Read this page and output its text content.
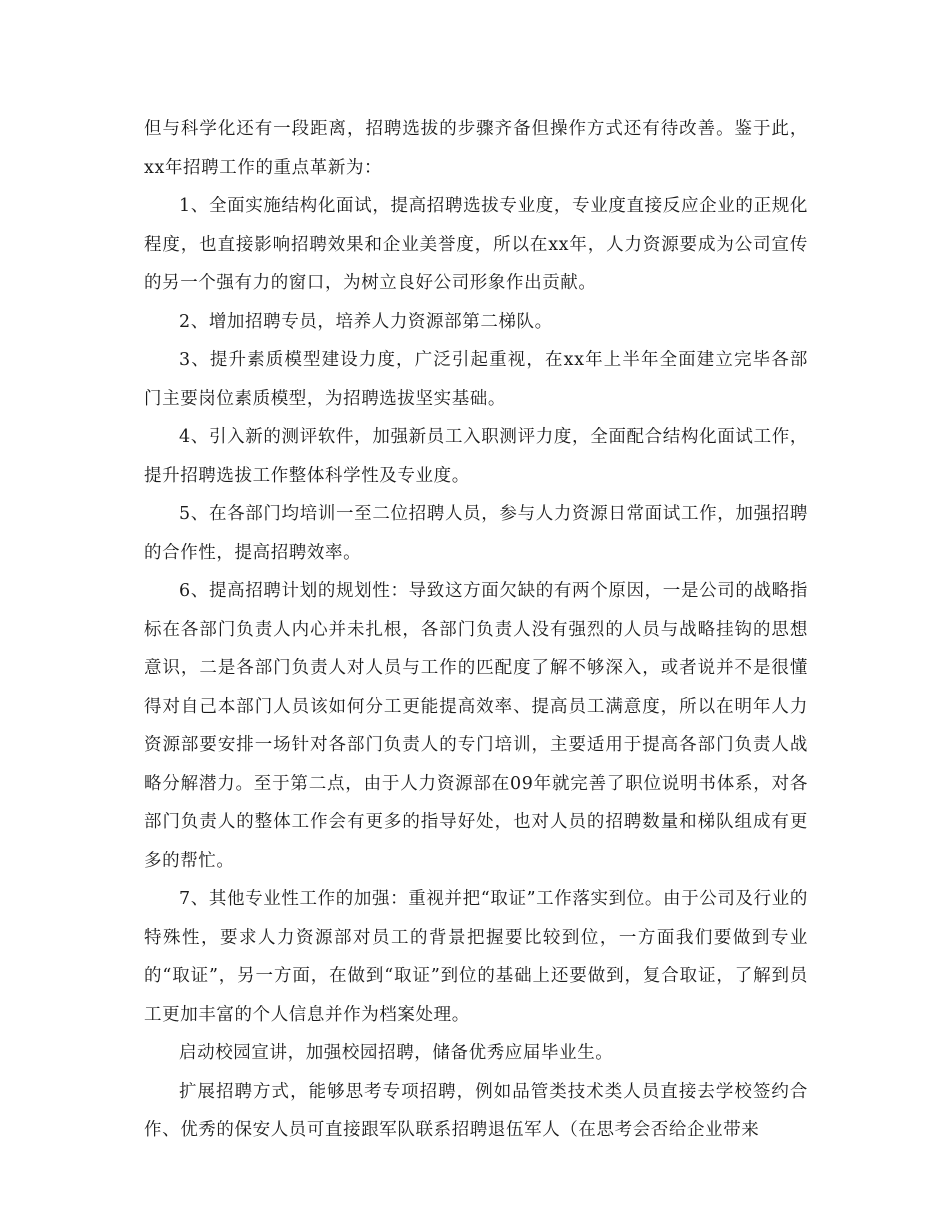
但与科学化还有一段距离，招聘选拔的步骤齐备但操作方式还有待改善。鉴于此，xx年招聘工作的重点革新为：

1、全面实施结构化面试，提高招聘选拔专业度，专业度直接反应企业的正规化程度，也直接影响招聘效果和企业美誉度，所以在xx年，人力资源要成为公司宣传的另一个强有力的窗口，为树立良好公司形象作出贡献。

2、增加招聘专员，培养人力资源部第二梯队。

3、提升素质模型建设力度，广泛引起重视，在xx年上半年全面建立完毕各部门主要岗位素质模型，为招聘选拔坚实基础。

4、引入新的测评软件，加强新员工入职测评力度，全面配合结构化面试工作，提升招聘选拔工作整体科学性及专业度。

5、在各部门均培训一至二位招聘人员，参与人力资源日常面试工作，加强招聘的合作性，提高招聘效率。

6、提高招聘计划的规划性：导致这方面欠缺的有两个原因，一是公司的战略指标在各部门负责人内心并未扎根，各部门负责人没有强烈的人员与战略挂钩的思想意识，二是各部门负责人对人员与工作的匹配度了解不够深入，或者说并不是很懂得对自己本部门人员该如何分工更能提高效率、提高员工满意度，所以在明年人力资源部要安排一场针对各部门负责人的专门培训，主要适用于提高各部门负责人战略分解潜力。至于第二点，由于人力资源部在09年就完善了职位说明书体系，对各部门负责人的整体工作会有更多的指导好处，也对人员的招聘数量和梯队组成有更多的帮忙。

7、其他专业性工作的加强：重视并把“取证”工作落实到位。由于公司及行业的特殊性，要求人力资源部对员工的背景把握要比较到位，一方面我们要做到专业的“取证”，另一方面，在做到“取证”到位的基础上还要做到，复合取证，了解到员工更加丰富的个人信息并作为档案处理。

启动校园宣讲，加强校园招聘，储备优秀应届毕业生。

扩展招聘方式，能够思考专项招聘，例如品管类技术类人员直接去学校签约合作、优秀的保安人员可直接跟军队联系招聘退伍军人（在思考会否给企业带来
